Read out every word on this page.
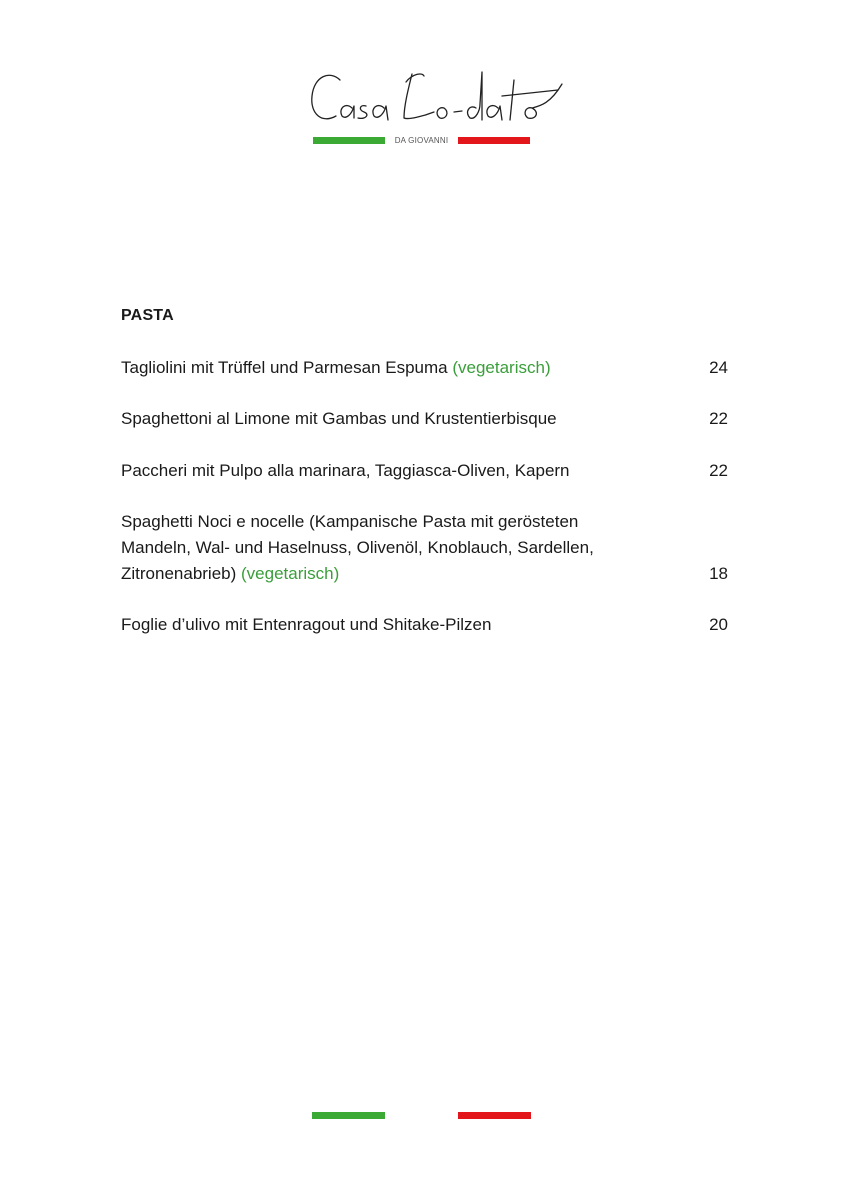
DA GIOVANNI
PASTA
Tagliolini mit Trüffel und Parmesan Espuma (vegetarisch)	24
Spaghettoni al Limone mit Gambas und Krustentierbisque	22
Paccheri mit Pulpo alla marinara, Taggiasca-Oliven, Kapern	22
Spaghetti Noci e nocelle (Kampanische Pasta mit gerösteten Mandeln, Wal- und Haselnuss, Olivenöl, Knoblauch, Sardellen, Zitronenabrieb) (vegetarisch)	18
Foglie d’ulivo mit Entenragout und Shitake-Pilzen	20
